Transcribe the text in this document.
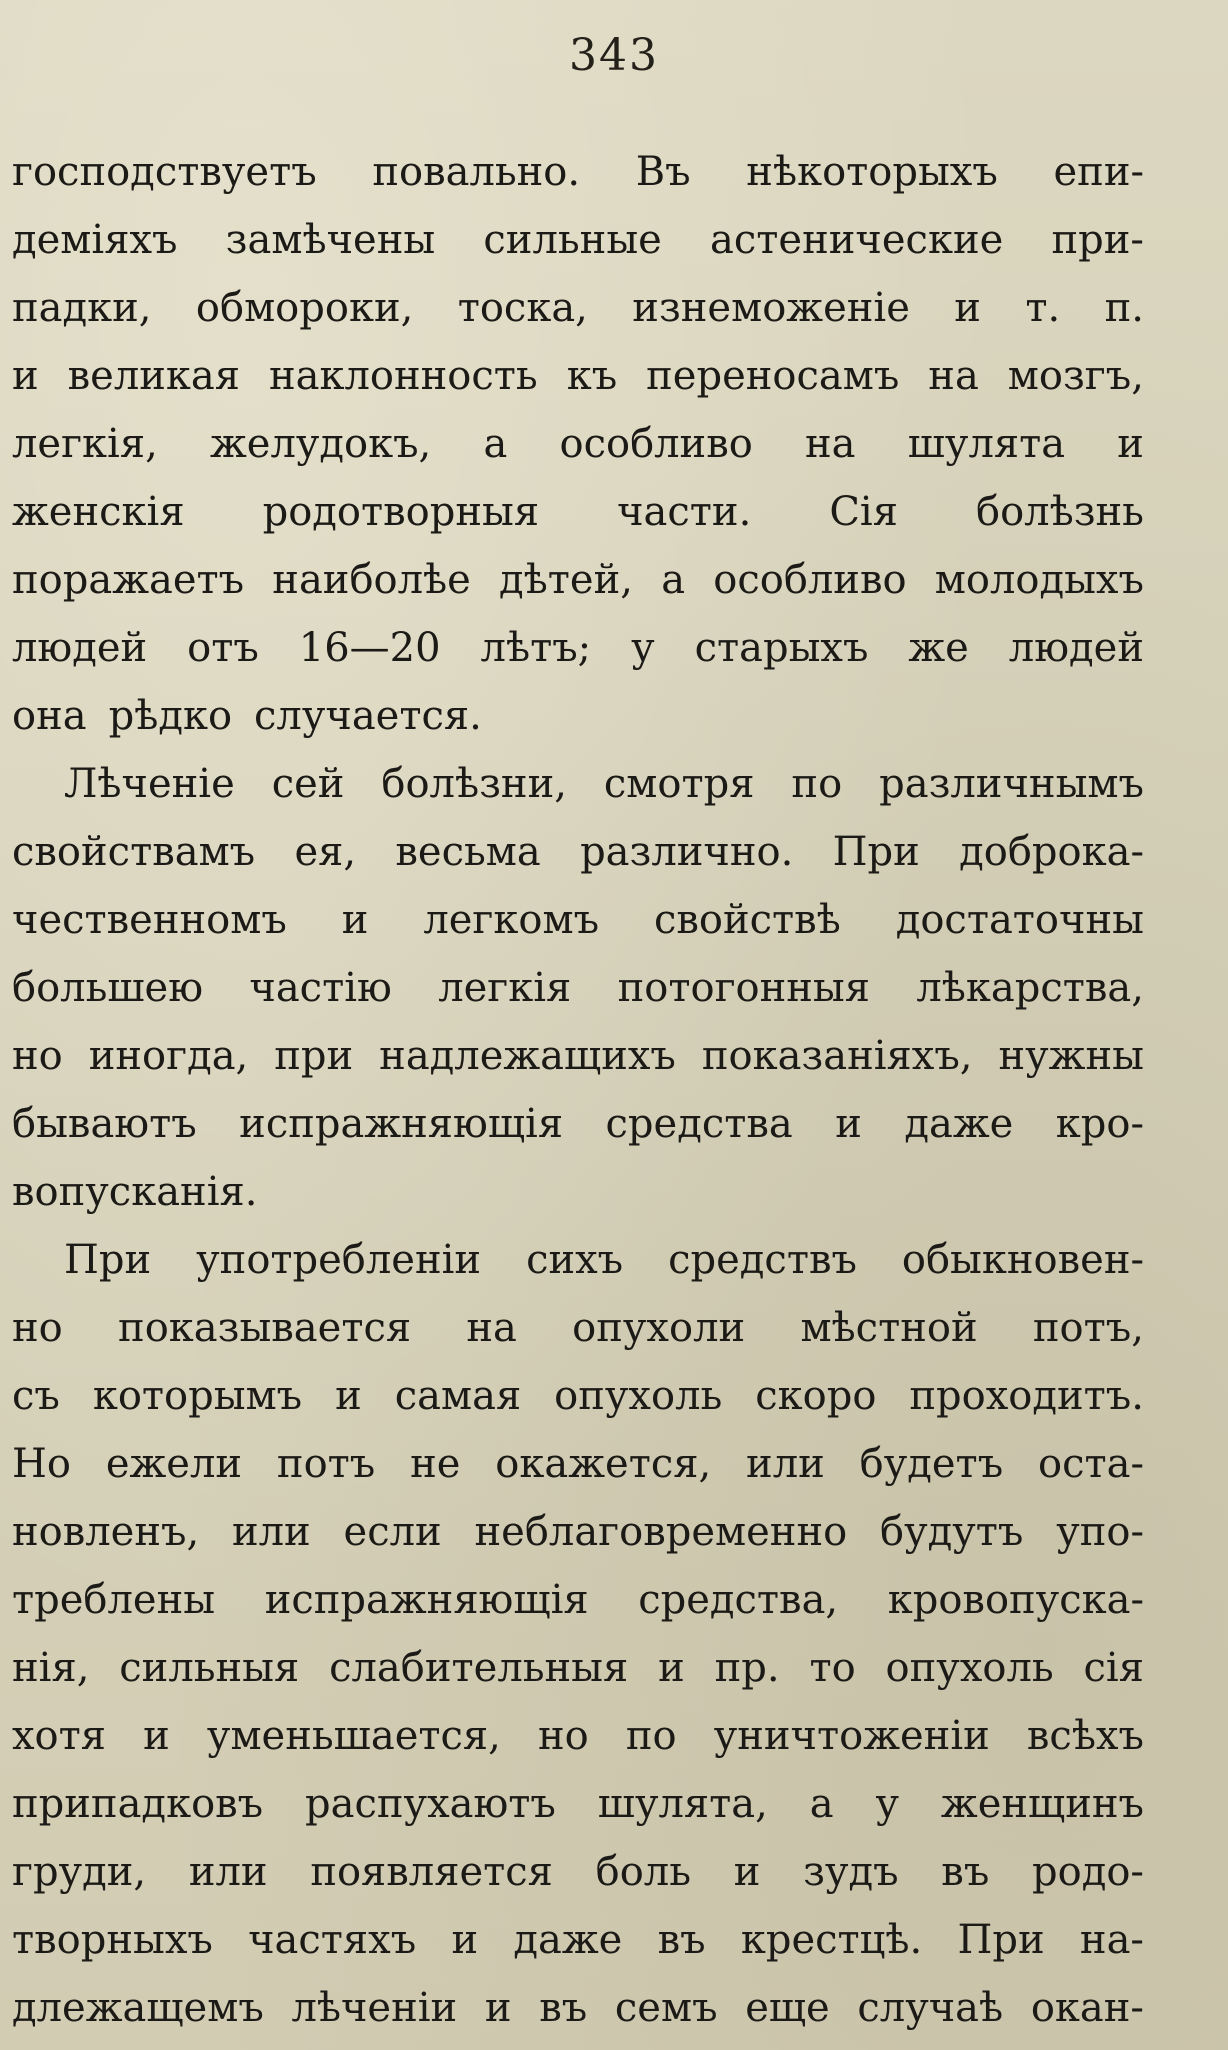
343
господствуетъ повально. Въ нѣкоторыхъ епи-
деміяхъ замѣчены сильные астенические при-
падки, обмороки, тоска, изнеможеніе и т. п.
и великая наклонность къ переносамъ на мозгъ,
легкія, желудокъ, а особливо на шулята и
женскія родотворныя части. Сія болѣзнь
поражаетъ наиболѣе дѣтей, а особливо молодыхъ
людей отъ 16—20 лѣтъ; у старыхъ же людей
она рѣдко случается.
Лѣченіе сей болѣзни, смотря по различнымъ
свойствамъ ея, весьма различно. При доброка-
чественномъ и легкомъ свойствѣ достаточны
большею частію легкія потогонныя лѣкарства,
но иногда, при надлежащихъ показаніяхъ, нужны
бываютъ испражняющія средства и даже кро-
вопусканія.
При употребленіи сихъ средствъ обыкновен-
но показывается на опухоли мѣстной потъ,
съ которымъ и самая опухоль скоро проходитъ.
Но ежели потъ не окажется, или будетъ оста-
новленъ, или если неблаговременно будутъ упо-
треблены испражняющія средства, кровопуска-
нія, сильныя слабительныя и пр. то опухоль сія
хотя и уменьшается, но по уничтоженіи всѣхъ
припадковъ распухаютъ шулята, а у женщинъ
груди, или появляется боль и зудъ въ родо-
творныхъ частяхъ и даже въ крестцѣ. При на-
длежащемъ лѣченіи и въ семъ еще случаѣ окан-
